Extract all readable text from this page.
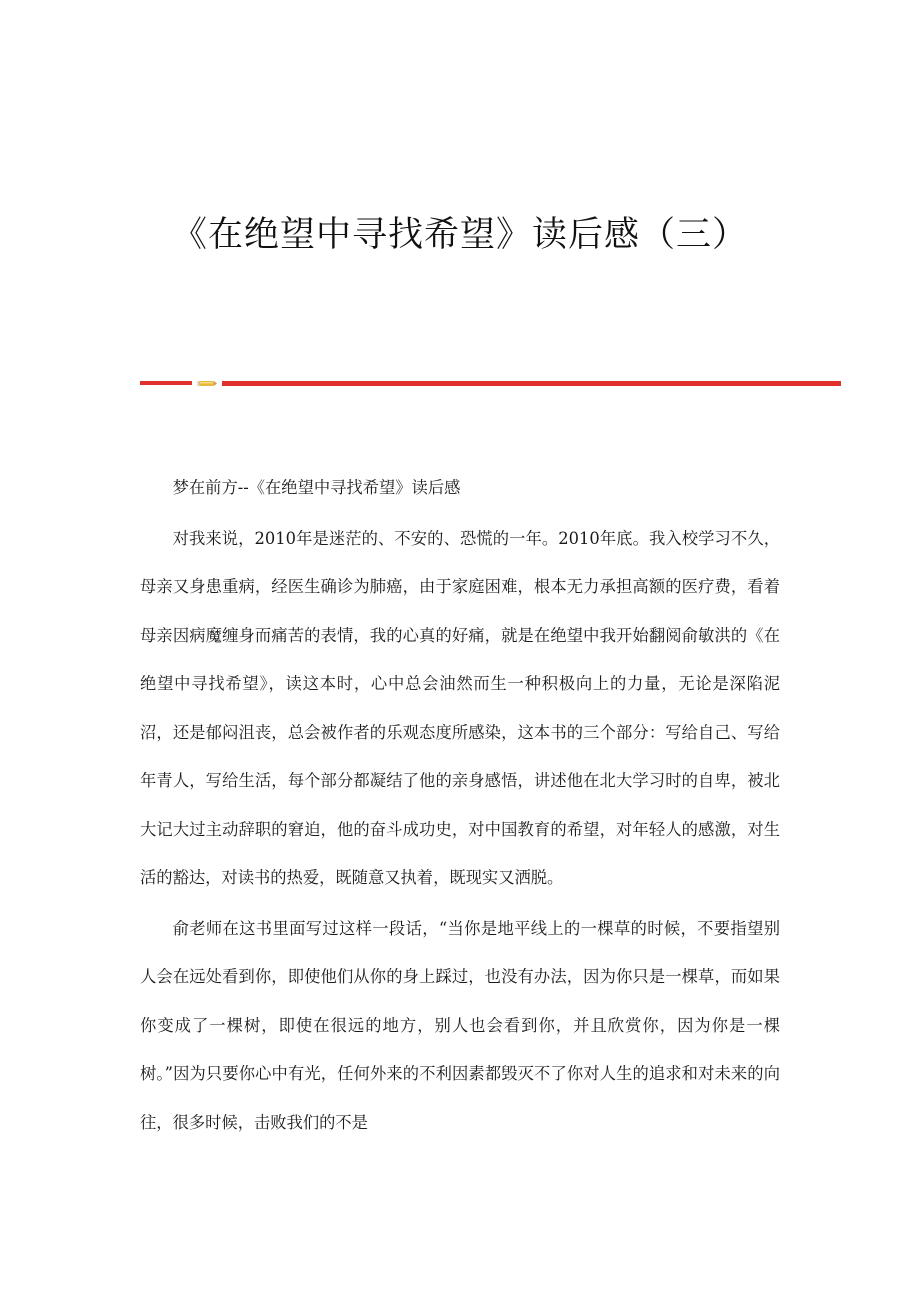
《在绝望中寻找希望》读后感（三）

梦在前方--《在绝望中寻找希望》读后感

对我来说，2010年是迷茫的、不安的、恐慌的一年。2010年底。我入校学习不久，母亲又身患重病，经医生确诊为肺癌，由于家庭困难，根本无力承担高额的医疗费，看着母亲因病魔缠身而痛苦的表情，我的心真的好痛，就是在绝望中我开始翻阅俞敏洪的《在绝望中寻找希望》，读这本时，心中总会油然而生一种积极向上的力量，无论是深陷泥沼，还是郁闷沮丧，总会被作者的乐观态度所感染，这本书的三个部分：写给自己、写给年青人，写给生活，每个部分都凝结了他的亲身感悟，讲述他在北大学习时的自卑，被北大记大过主动辞职的窘迫，他的奋斗成功史，对中国教育的希望，对年轻人的感激，对生活的豁达，对读书的热爱，既随意又执着，既现实又洒脱。

俞老师在这书里面写过这样一段话，“当你是地平线上的一棵草的时候，不要指望别人会在远处看到你，即使他们从你的身上踩过，也没有办法，因为你只是一棵草，而如果你变成了一棵树，即使在很远的地方，别人也会看到你，并且欣赏你，因为你是一棵树。”因为只要你心中有光，任何外来的不利因素都毁灭不了你对人生的追求和对未来的向往，很多时候，击败我们的不是
